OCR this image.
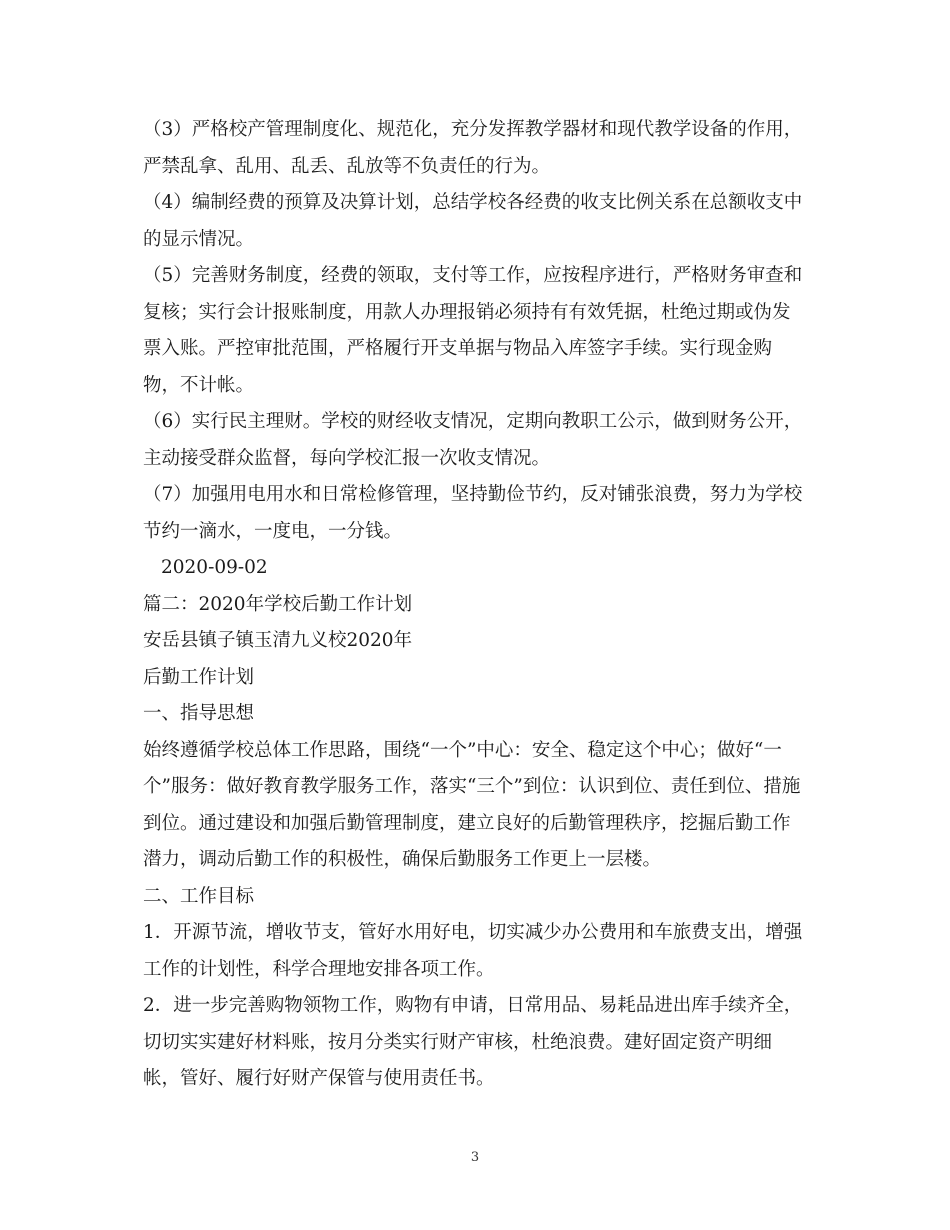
（3）严格校产管理制度化、规范化，充分发挥教学器材和现代教学设备的作用，

严禁乱拿、乱用、乱丢、乱放等不负责任的行为。

（4）编制经费的预算及决算计划，总结学校各经费的收支比例关系在总额收支中

的显示情况。

（5）完善财务制度，经费的领取，支付等工作，应按程序进行，严格财务审查和

复核；实行会计报账制度，用款人办理报销必须持有有效凭据，杜绝过期或伪发

票入账。严控审批范围，严格履行开支单据与物品入库签字手续。实行现金购

物，不计帐。

（6）实行民主理财。学校的财经收支情况，定期向教职工公示，做到财务公开，

主动接受群众监督，每向学校汇报一次收支情况。

（7）加强用电用水和日常检修管理，坚持勤俭节约，反对铺张浪费，努力为学校

节约一滴水，一度电，一分钱。

2020-09-02

篇二：2020年学校后勤工作计划

安岳县镇子镇玉清九义校2020年

后勤工作计划

一、指导思想

始终遵循学校总体工作思路，围绕“一个”中心：安全、稳定这个中心；做好“一

个”服务：做好教育教学服务工作，落实“三个”到位：认识到位、责任到位、措施

到位。通过建设和加强后勤管理制度，建立良好的后勤管理秩序，挖掘后勤工作

潜力，调动后勤工作的积极性，确保后勤服务工作更上一层楼。

二、工作目标

1．开源节流，增收节支，管好水用好电，切实减少办公费用和车旅费支出，增强

工作的计划性，科学合理地安排各项工作。

2．进一步完善购物领物工作，购物有申请，日常用品、易耗品进出库手续齐全，

切切实实建好材料账，按月分类实行财产审核，杜绝浪费。建好固定资产明细

帐，管好、履行好财产保管与使用责任书。

3
